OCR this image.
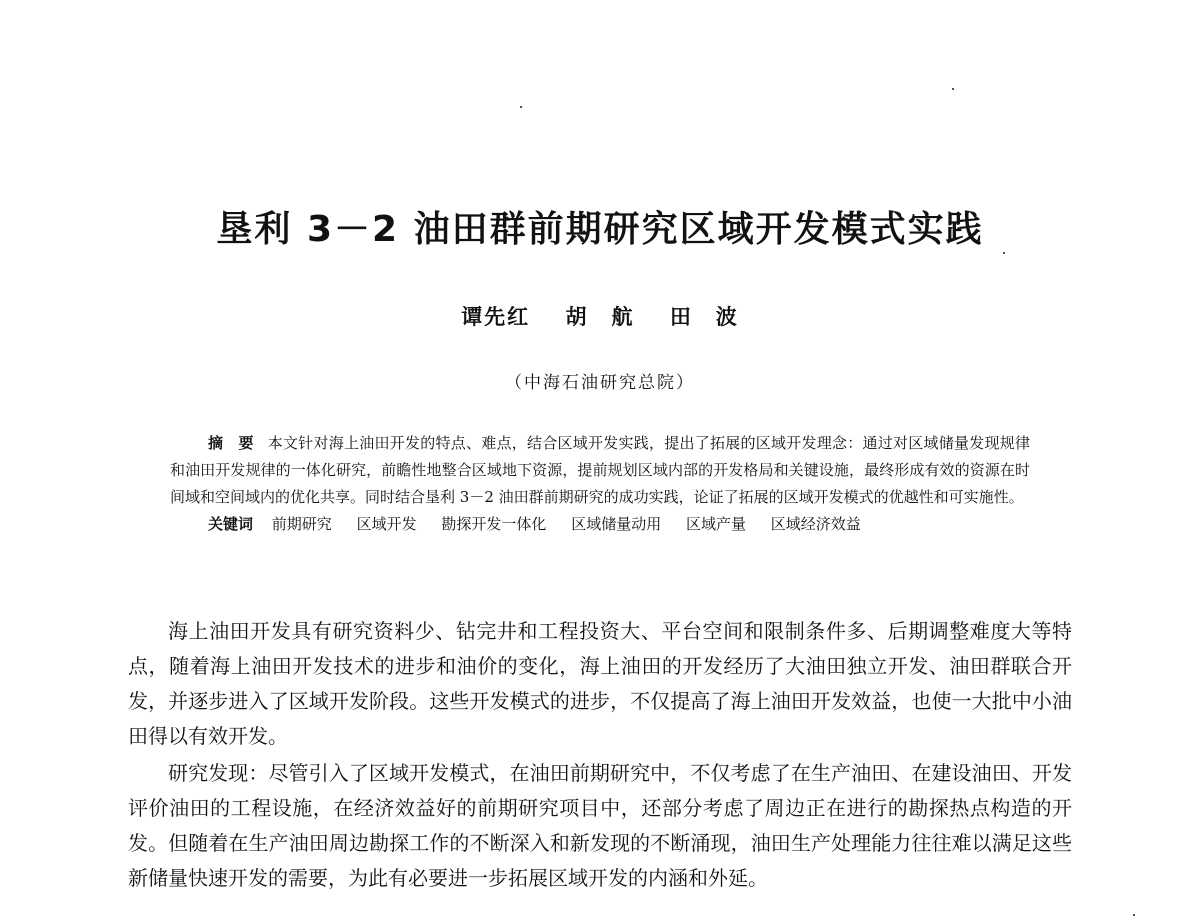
垦利 3－2 油田群前期研究区域开发模式实践
谭先红 胡　航 田　波
（中海石油研究总院）

摘　要 本文针对海上油田开发的特点、难点，结合区域开发实践，提出了拓展的区域开发理念：通过对区域储量发现规律和油田开发规律的一体化研究，前瞻性地整合区域地下资源，提前规划区域内部的开发格局和关键设施，最终形成有效的资源在时间域和空间域内的优化共享。同时结合垦利 3－2 油田群前期研究的成功实践，论证了拓展的区域开发模式的优越性和可实施性。

关键词 前期研究 区域开发 勘探开发一体化 区域储量动用 区域产量 区域经济效益

海上油田开发具有研究资料少、钻完井和工程投资大、平台空间和限制条件多、后期调整难度大等特点，随着海上油田开发技术的进步和油价的变化，海上油田的开发经历了大油田独立开发、油田群联合开发，并逐步进入了区域开发阶段。这些开发模式的进步，不仅提高了海上油田开发效益，也使一大批中小油田得以有效开发。

研究发现：尽管引入了区域开发模式，在油田前期研究中，不仅考虑了在生产油田、在建设油田、开发评价油田的工程设施，在经济效益好的前期研究项目中，还部分考虑了周边正在进行的勘探热点构造的开发。但随着在生产油田周边勘探工作的不断深入和新发现的不断涌现，油田生产处理能力往往难以满足这些新储量快速开发的需要，为此有必要进一步拓展区域开发的内涵和外延。
